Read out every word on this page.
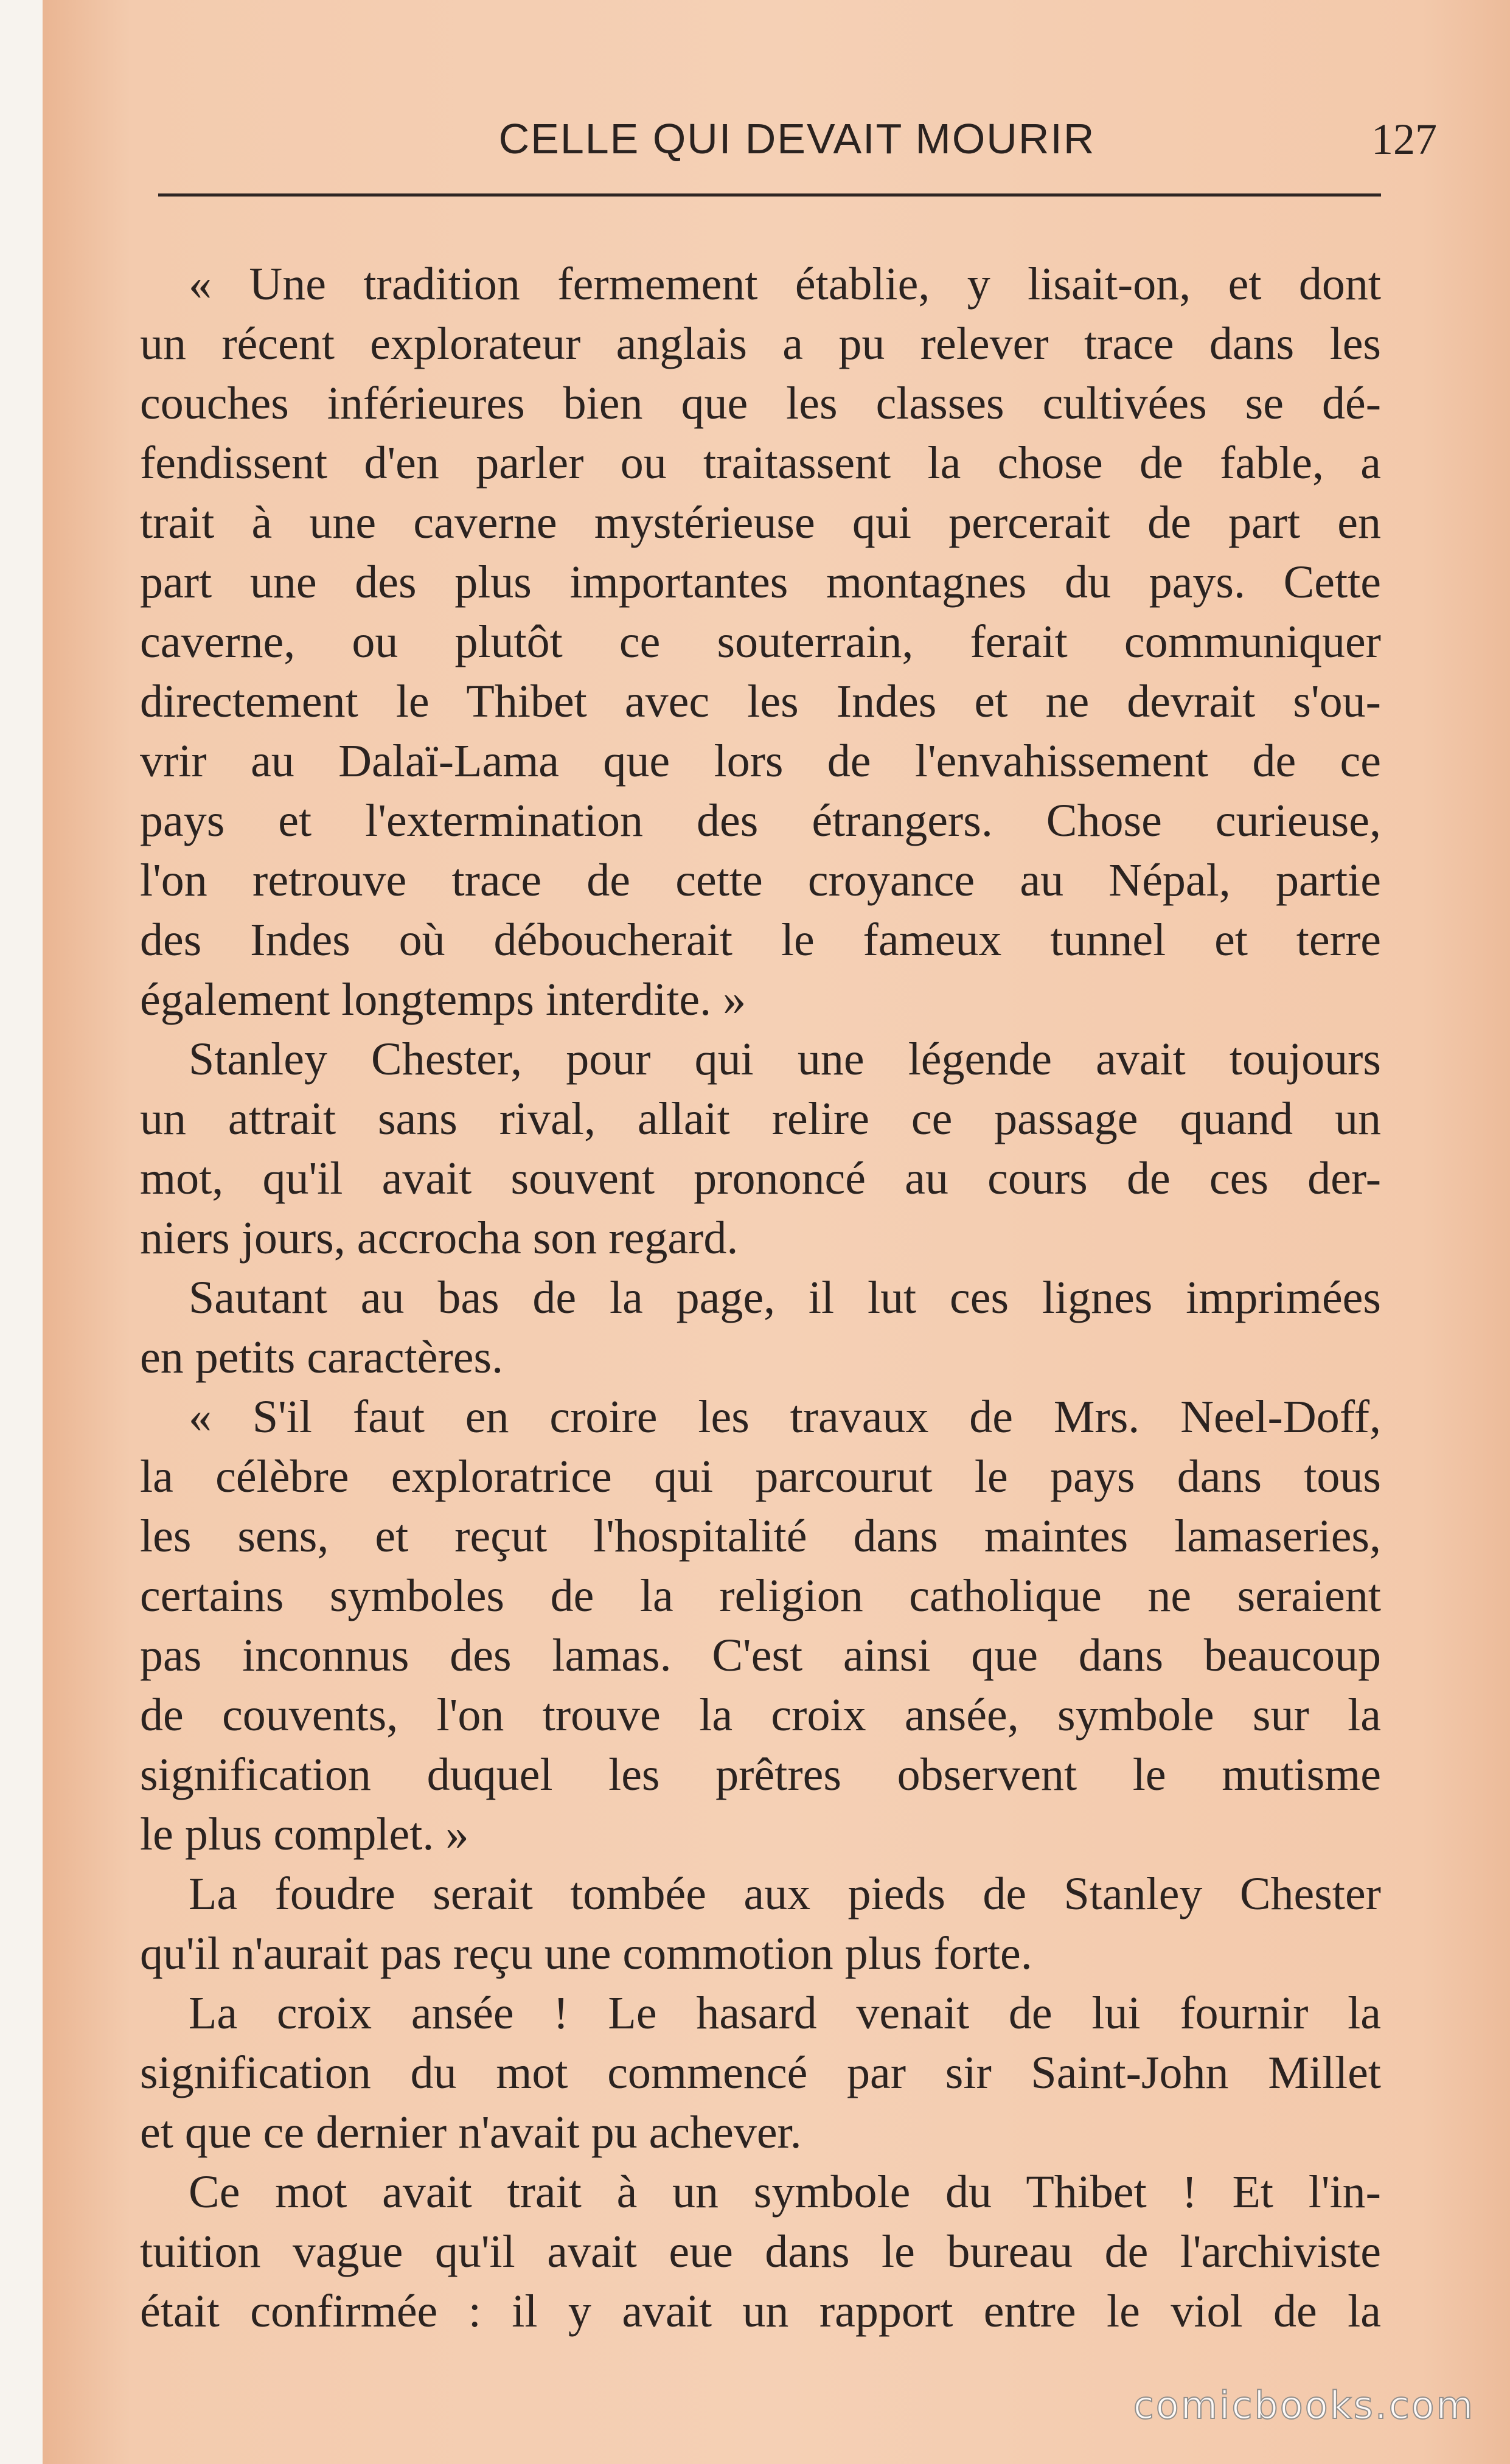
CELLE QUI DEVAIT MOURIR	127
« Une tradition fermement établie, y lisait-on, et dont
un récent explorateur anglais a pu relever trace dans les
couches inférieures bien que les classes cultivées se dé-
fendissent d'en parler ou traitassent la chose de fable, a
trait à une caverne mystérieuse qui percerait de part en
part une des plus importantes montagnes du pays. Cette
caverne, ou plutôt ce souterrain, ferait communiquer
directement le Thibet avec les Indes et ne devrait s'ou-
vrir au Dalaï-Lama que lors de l'envahissement de ce
pays et l'extermination des étrangers. Chose curieuse,
l'on retrouve trace de cette croyance au Népal, partie
des Indes où déboucherait le fameux tunnel et terre
également longtemps interdite. »
Stanley Chester, pour qui une légende avait toujours
un attrait sans rival, allait relire ce passage quand un
mot, qu'il avait souvent prononcé au cours de ces der-
niers jours, accrocha son regard.
Sautant au bas de la page, il lut ces lignes imprimées
en petits caractères.
« S'il faut en croire les travaux de Mrs. Neel-Doff,
la célèbre exploratrice qui parcourut le pays dans tous
les sens, et reçut l'hospitalité dans maintes lamaseries,
certains symboles de la religion catholique ne seraient
pas inconnus des lamas. C'est ainsi que dans beaucoup
de couvents, l'on trouve la croix ansée, symbole sur la
signification duquel les prêtres observent le mutisme
le plus complet. »
La foudre serait tombée aux pieds de Stanley Chester
qu'il n'aurait pas reçu une commotion plus forte.
La croix ansée ! Le hasard venait de lui fournir la
signification du mot commencé par sir Saint-John Millet
et que ce dernier n'avait pu achever.
Ce mot avait trait à un symbole du Thibet ! Et l'in-
tuition vague qu'il avait eue dans le bureau de l'archiviste
était confirmée : il y avait un rapport entre le viol de la
comicbooks.com
